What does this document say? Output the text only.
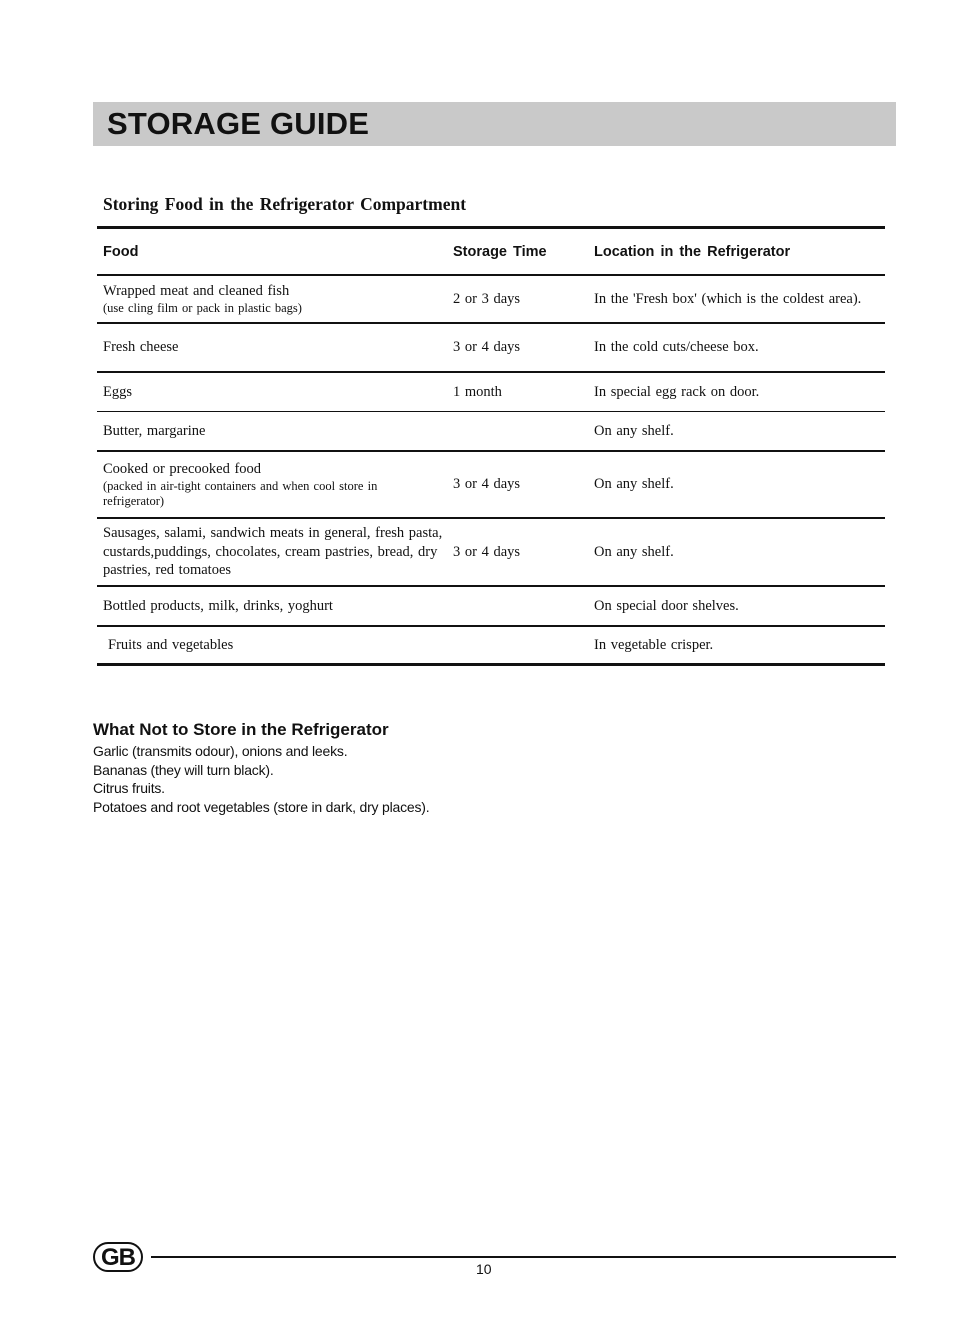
STORAGE GUIDE
Storing Food in the Refrigerator Compartment
Food	Storage Time	Location in the Refrigerator
Wrapped meat and cleaned fish
(use cling film or pack in plastic bags)	2 or 3 days	In the 'Fresh box' (which is the coldest area).
Fresh cheese	3 or 4 days	In the cold cuts/cheese box.
Eggs	1 month	In special egg rack on door.
Butter, margarine		On any shelf.
Cooked or precooked food
(packed in air-tight containers and when cool store in refrigerator)	3 or 4 days	On any shelf.
Sausages, salami, sandwich meats in general, fresh pasta, custards,puddings, chocolates, cream pastries, bread, dry pastries, red tomatoes	3 or 4 days	On any shelf.
Bottled products, milk, drinks, yoghurt		On special door shelves.
Fruits and vegetables		In vegetable crisper.
What Not to Store in the Refrigerator

Garlic (transmits odour), onions and leeks.

Bananas (they will turn black).

Citrus fruits.

Potatoes and root vegetables (store in dark, dry places).

GB	10
